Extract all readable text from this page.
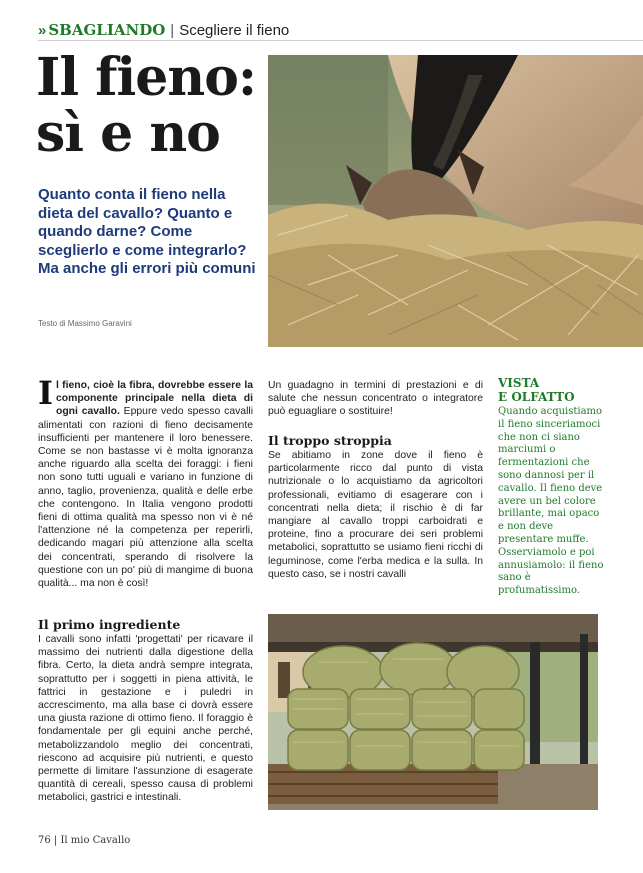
» SBAGLIANDO | Scegliere il fieno
Il fieno:
sì e no
Quanto conta il fieno nella dieta del cavallo? Quanto e quando darne? Come sceglierlo e come integrarlo? Ma anche gli errori più comuni
Testo di Massimo Garavini
Il fieno, cioè la fibra, dovrebbe essere la componente principale nella dieta di ogni cavallo. Eppure vedo spesso cavalli alimentati con razioni di fieno decisamente insufficienti per mantenere il loro benessere. Come se non bastasse vi è molta ignoranza anche riguardo alla scelta dei foraggi: i fieni non sono tutti uguali e variano in funzione di anno, taglio, provenienza, qualità e delle erbe che contengono. In Italia vengono prodotti fieni di ottima qualità ma spesso non vi è né l'attenzione né la competenza per reperirli, dedicando magari più attenzione alla scelta dei concentrati, sperando di risolvere la questione con un po' più di mangime di buona qualità... ma non è così!
Il primo ingrediente
I cavalli sono infatti 'progettati' per ricavare il massimo dei nutrienti dalla digestione della fibra. Certo, la dieta andrà sempre integrata, soprattutto per i soggetti in piena attività, le fattrici in gestazione e i puledri in accrescimento, ma alla base ci dovrà essere una giusta razione di ottimo fieno. Il foraggio è fondamentale per gli equini anche perché, metabolizzandolo meglio dei concentrati, riescono ad acquisire più nutrienti, e questo permette di limitare l'assunzione di esagerate quantità di cereali, spesso causa di problemi metabolici, gastrici e intestinali.
Un guadagno in termini di prestazioni e di salute che nessun concentrato o integratore può eguagliare o sostituire!
Il troppo stroppia
Se abitiamo in zone dove il fieno è particolarmente ricco dal punto di vista nutrizionale o lo acquistiamo da agricoltori professionali, evitiamo di esagerare con i concentrati nella dieta; il rischio è di far mangiare al cavallo troppi carboidrati e proteine, fino a procurare dei seri problemi metabolici, soprattutto se usiamo fieni ricchi di leguminose, come l'erba medica e la sulla. In questo caso, se i nostri cavalli
VISTA
E OLFATTO
Quando acquistiamo il fieno sinceriamoci che non ci siano marciumi o fermentazioni che sono dannosi per il cavallo. Il fieno deve avere un bel colore brillante, mai opaco e non deve presentare muffe. Osserviamolo e poi annusiamolo: il fieno sano è profumatissimo.
76 | Il mio Cavallo
